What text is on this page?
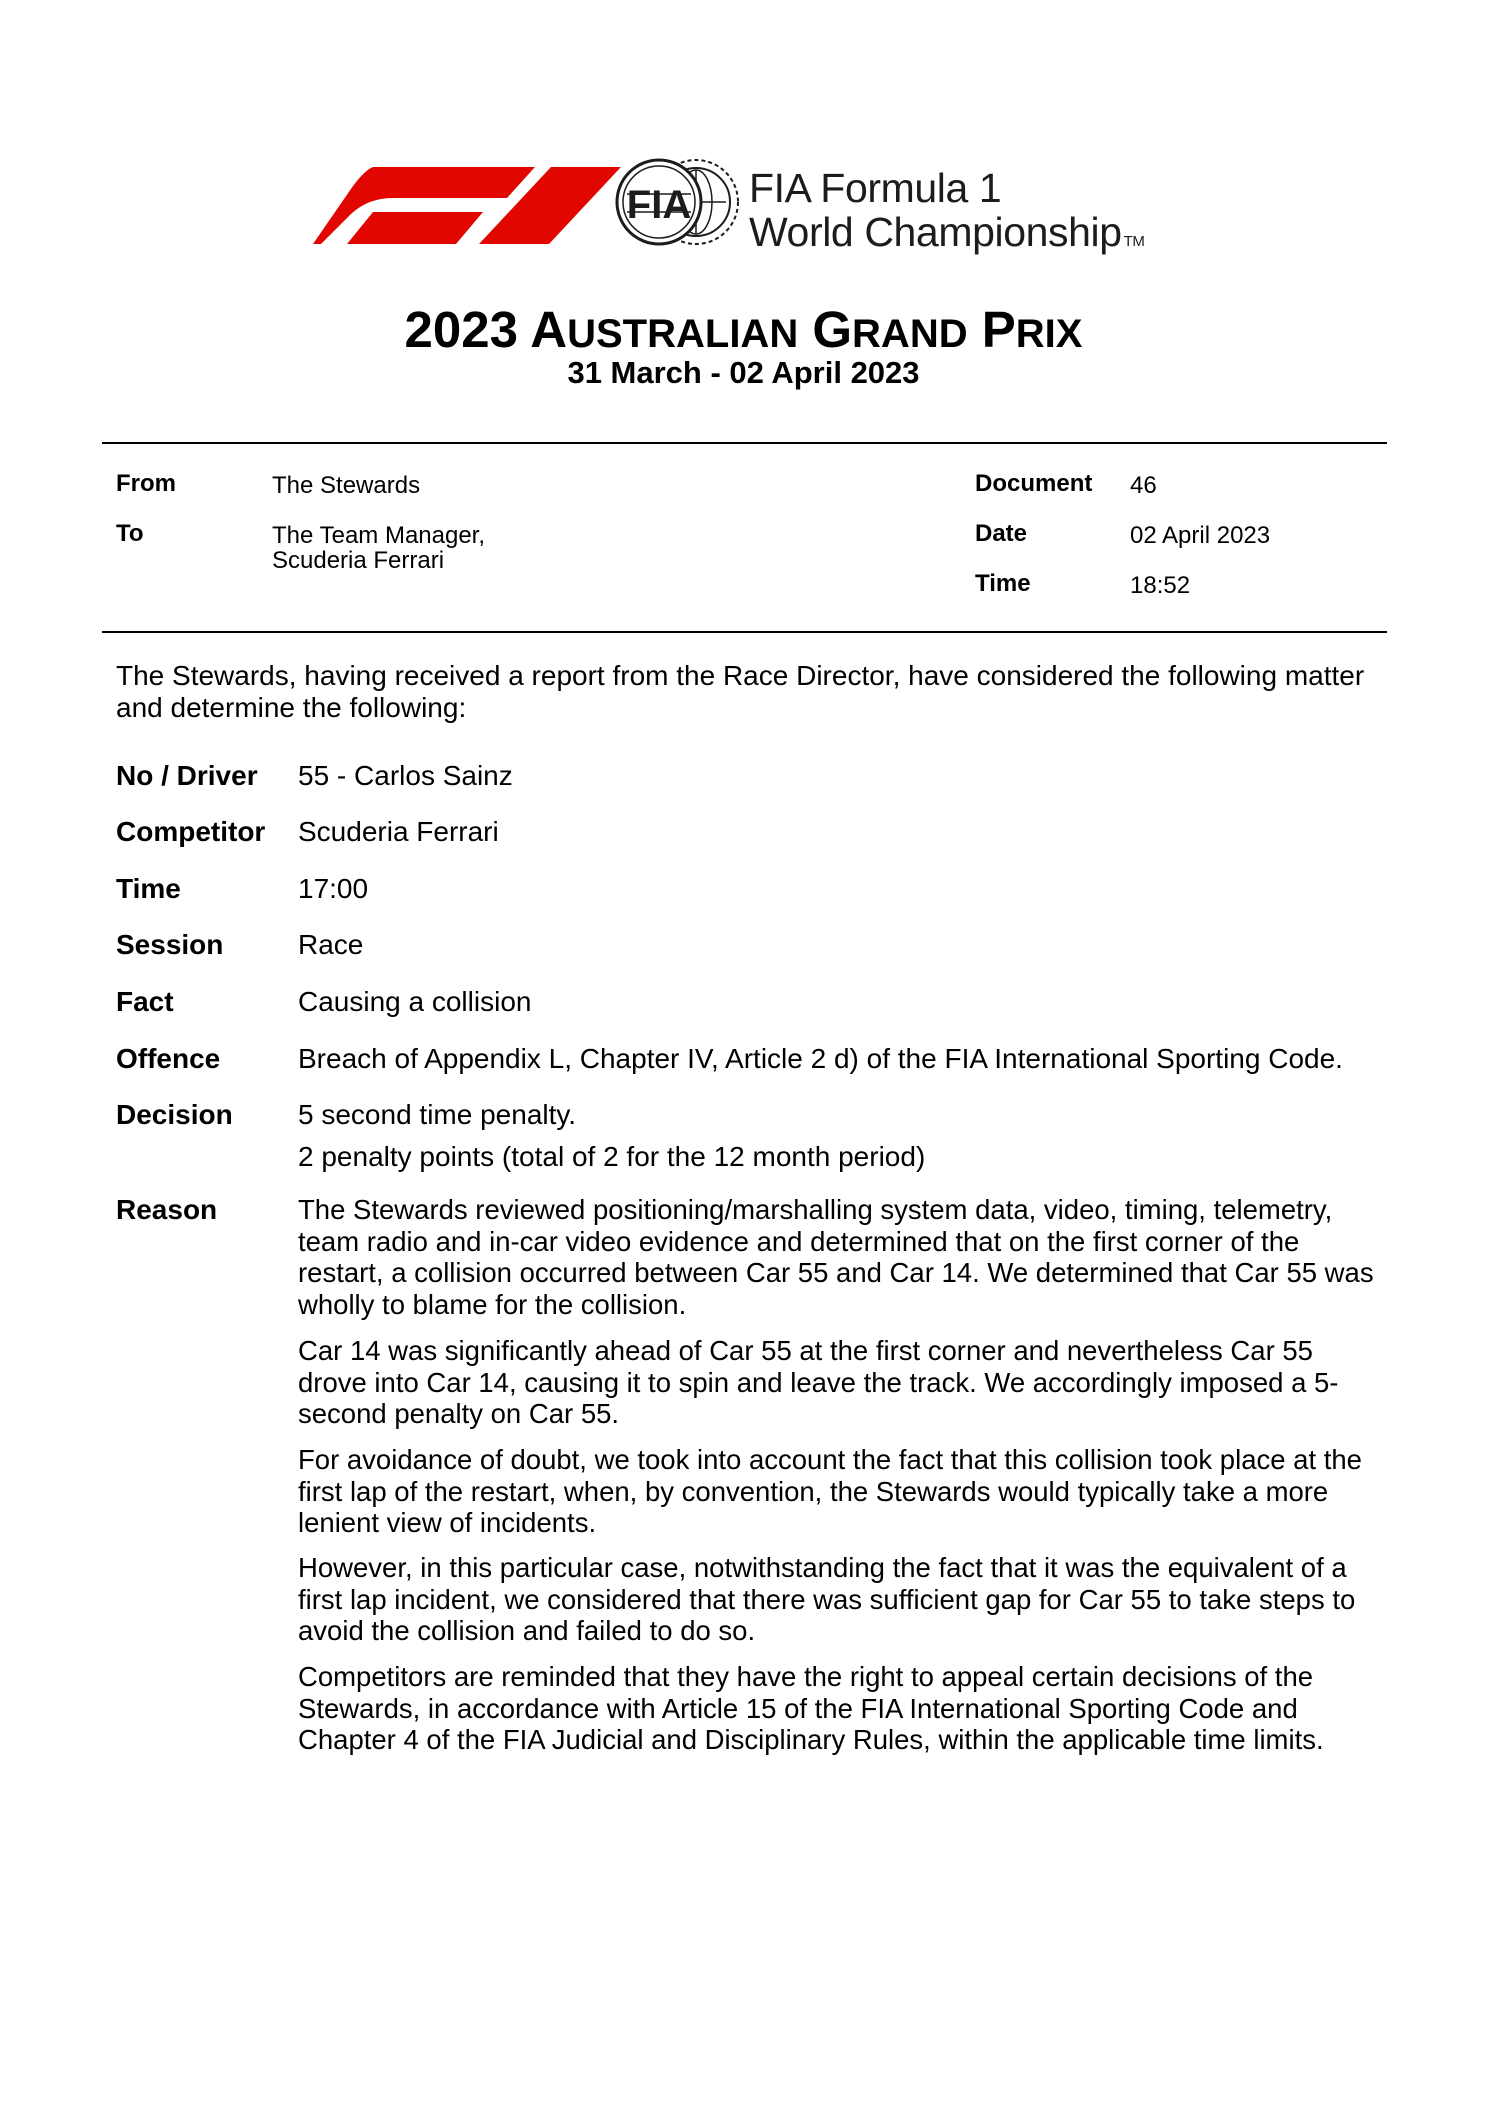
FIA FIA Formula 1
World Championship TM
2023 AUSTRALIAN GRAND PRIX
31 March - 02 April 2023
From	The Stewards
To	The Team Manager,
Scuderia Ferrari
Document 46
Date	02 April 2023
Time	18:52
The Stewards, having received a report from the Race Director, have considered the following matter and determine the following:
No / Driver 55 - Carlos Sainz
Competitor Scuderia Ferrari
Time	17:00
Session	Race
Fact	Causing a collision
Offence	Breach of Appendix L, Chapter IV, Article 2 d) of the FIA International Sporting Code.
Decision 5 second time penalty.
2 penalty points (total of 2 for the 12 month period)
Reason	The Stewards reviewed positioning/marshalling system data, video, timing, telemetry, team radio and in-car video evidence and determined that on the first corner of the restart, a collision occurred between Car 55 and Car 14. We determined that Car 55 was wholly to blame for the collision.
Car 14 was significantly ahead of Car 55 at the first corner and nevertheless Car 55 drove into Car 14, causing it to spin and leave the track. We accordingly imposed a 5-second penalty on Car 55.
For avoidance of doubt, we took into account the fact that this collision took place at the first lap of the restart, when, by convention, the Stewards would typically take a more lenient view of incidents.
However, in this particular case, notwithstanding the fact that it was the equivalent of a first lap incident, we considered that there was sufficient gap for Car 55 to take steps to avoid the collision and failed to do so.
Competitors are reminded that they have the right to appeal certain decisions of the Stewards, in accordance with Article 15 of the FIA International Sporting Code and Chapter 4 of the FIA Judicial and Disciplinary Rules, within the applicable time limits.
